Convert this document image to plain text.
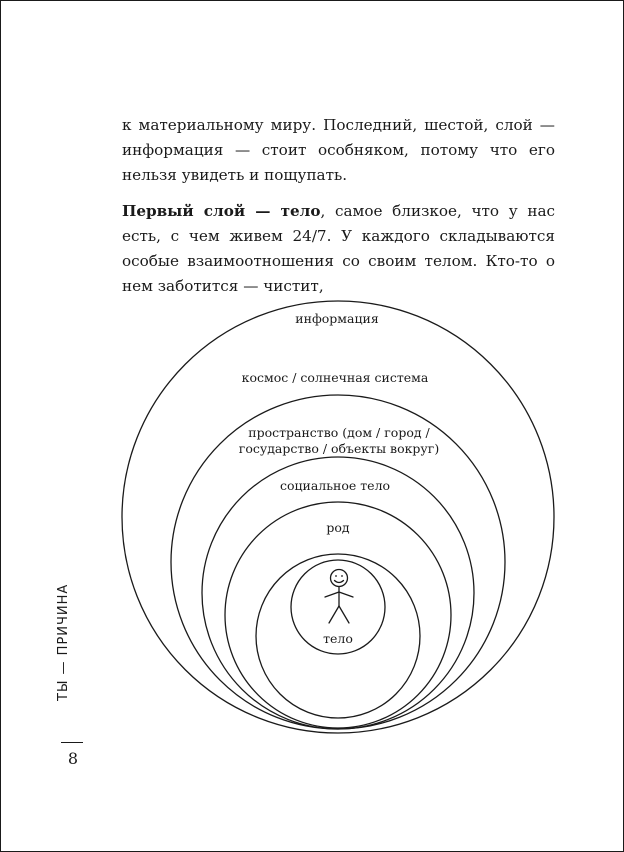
к материальному миру. Последний, шестой, слой — информация — стоит особняком, потому что его нельзя увидеть и пощупать.

Первый слой — тело, самое близкое, что у нас есть, с чем живем 24/7. У каждого складываются особые взаимоотношения со своим телом. Кто-то о нем заботится — чистит,

информация
космос / солнечная система
пространство (дом / город /
государство / объекты вокруг)
социальное тело
род
тело
ТЫ — ПРИЧИНА
8
